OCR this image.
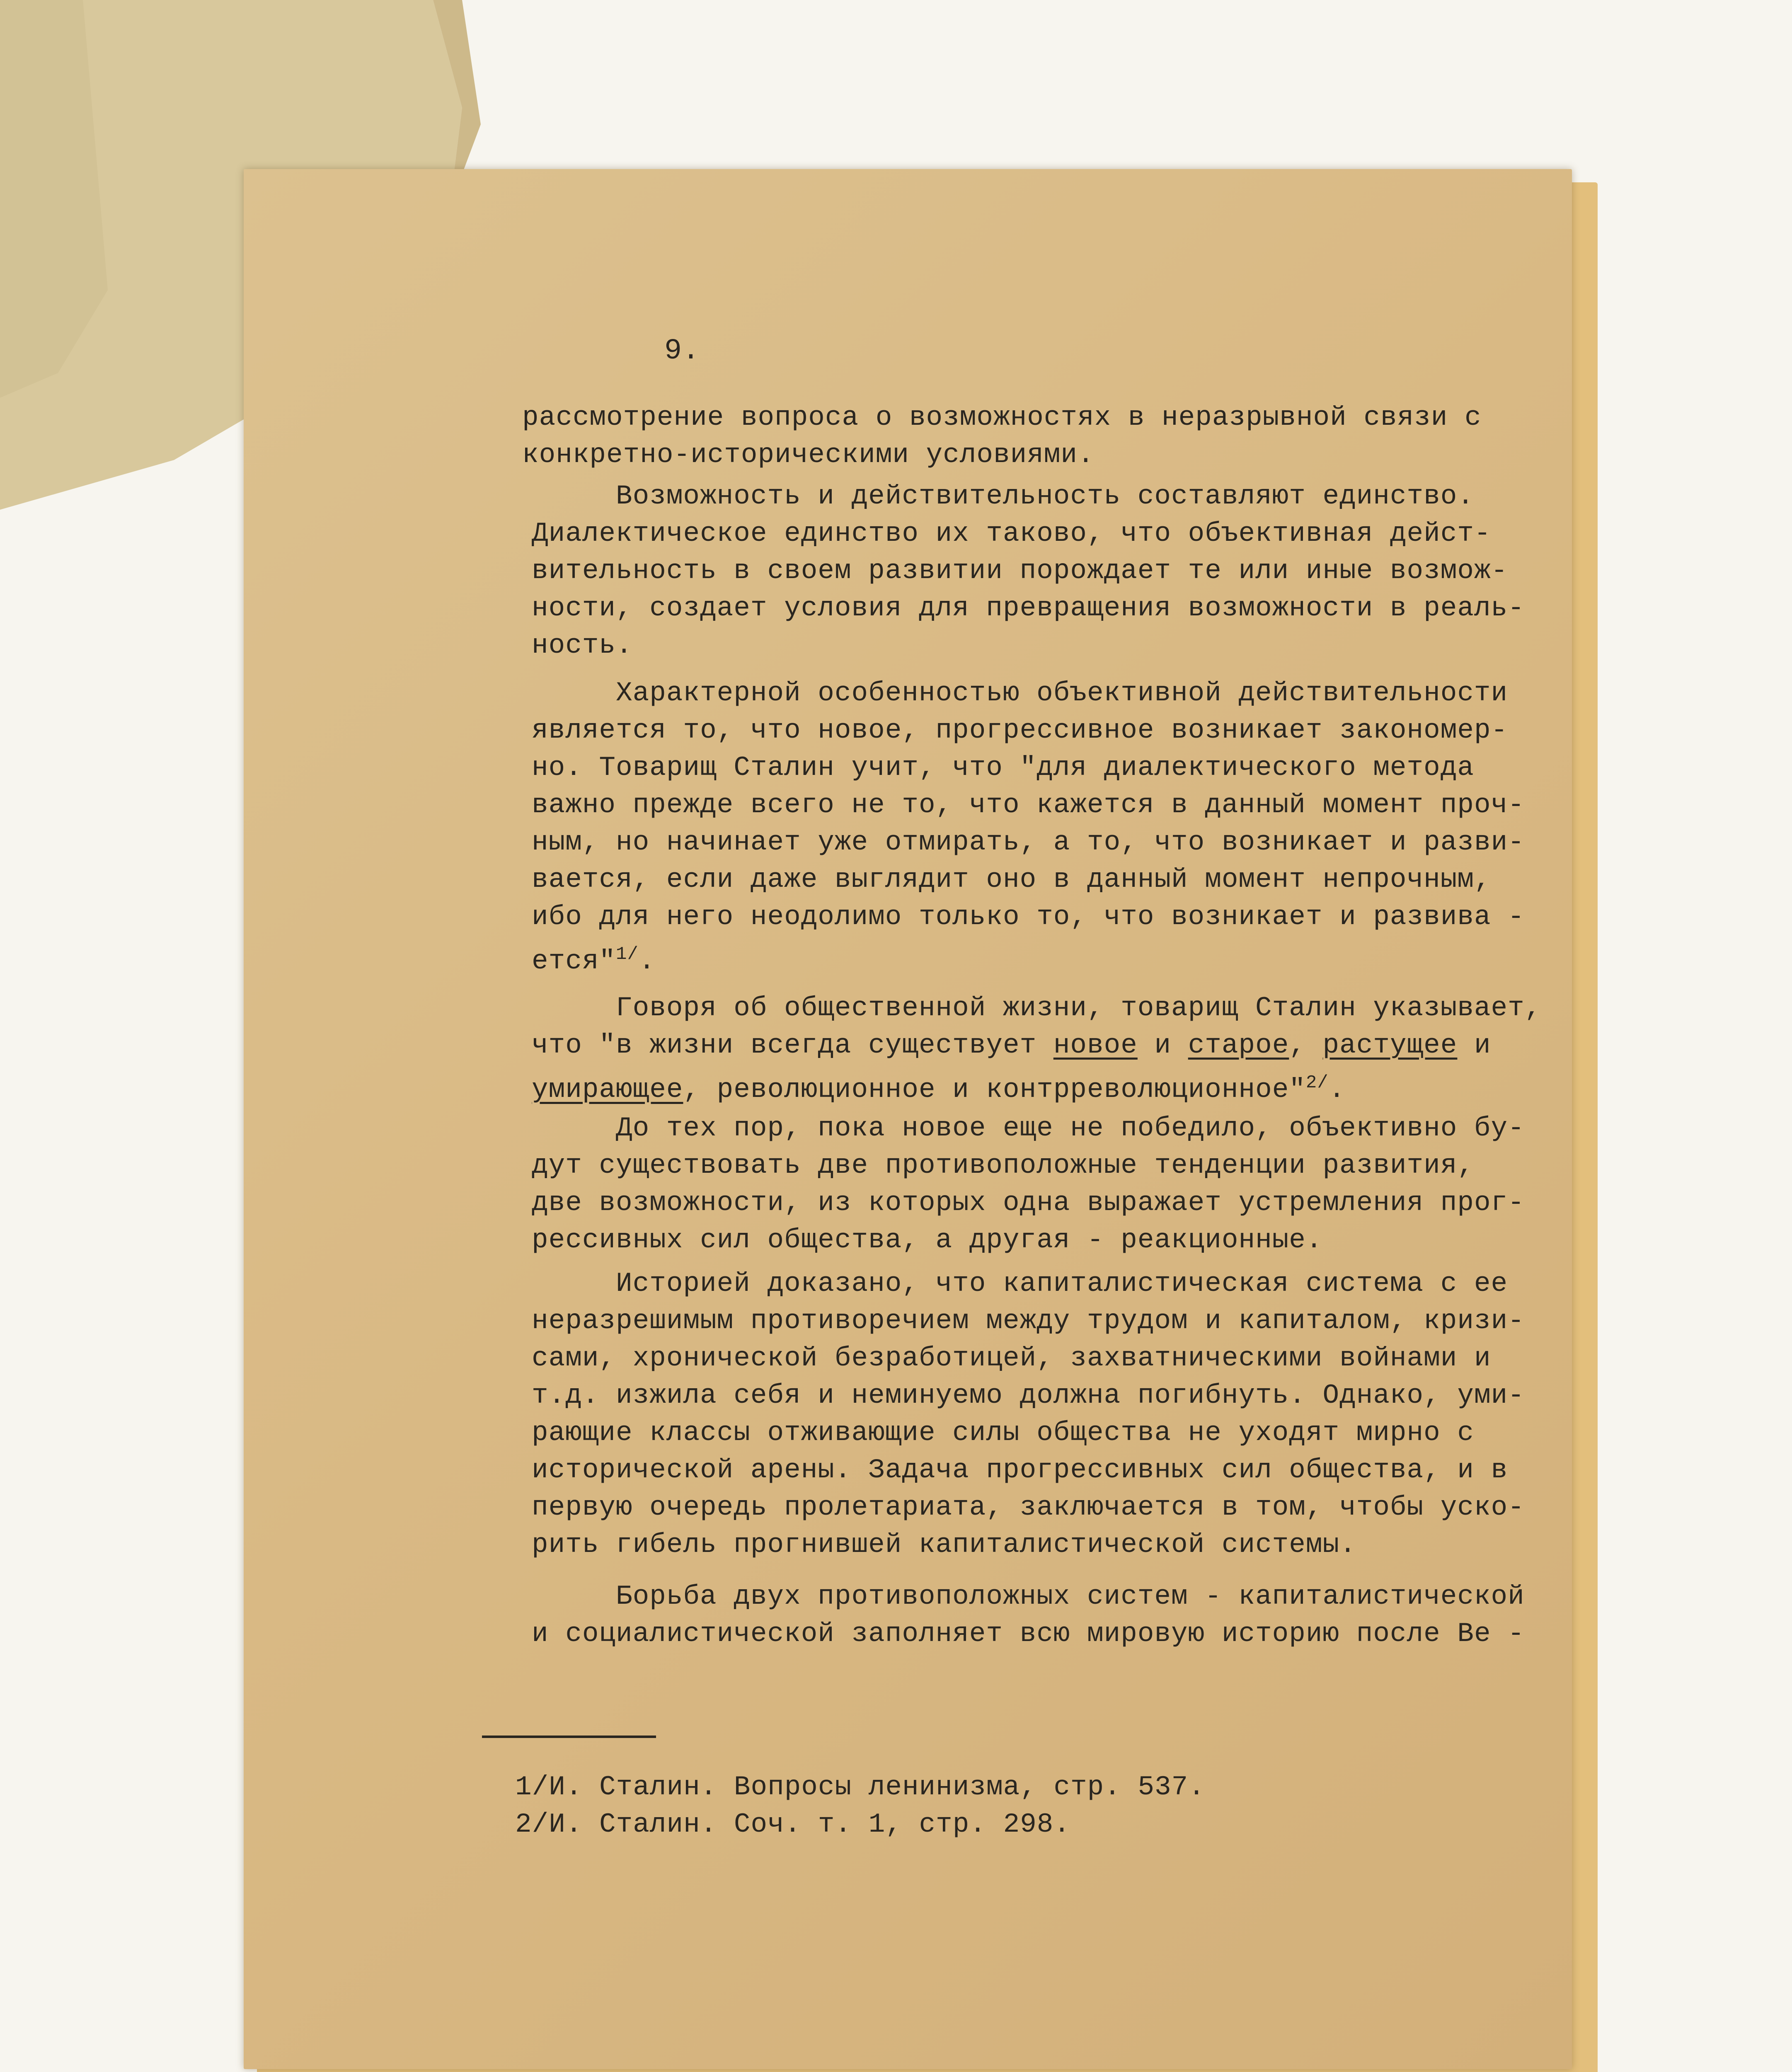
9.
рассмотрение вопроса о возможностях в неразрывной связи с
конкретно-историческими условиями.
Возможность и действительность составляют единство.
Диалектическое единство их таково, что объективная дейст-
вительность в своем развитии порождает те или иные возмож-
ности, создает условия для превращения возможности в реаль-
ность.
Характерной особенностью объективной действительности
является то, что новое, прогрессивное возникает закономер-
но. Товарищ Сталин учит, что "для диалектического метода
важно прежде всего не то, что кажется в данный момент проч-
ным, но начинает уже отмирать, а то, что возникает и разви-
вается, если даже выглядит оно в данный момент непрочным,
ибо для него неодолимо только то, что возникает и развива -
ется"$^{1/}$.
Говоря об общественной жизни, товарищ Сталин указывает,
что "в жизни всегда существует новое и старое, растущее и
умирающее, революционное и контрреволюционное"$^{2/}$.
До тех пор, пока новое еще не победило, объективно бу-
дут существовать две противоположные тенденции развития,
две возможности, из которых одна выражает устремления прог-
рессивных сил общества, а другая - реакционные.
Историей доказано, что капиталистическая система с ее
неразрешимым противоречием между трудом и капиталом, кризи-
сами, хронической безработицей, захватническими войнами и
т.д. изжила себя и неминуемо должна погибнуть. Однако, уми-
рающие классы отживающие силы общества не уходят мирно с
исторической арены. Задача прогрессивных сил общества, и в
первую очередь пролетариата, заключается в том, чтобы уско-
рить гибель прогнившей капиталистической системы.
Борьба двух противоположных систем - капиталистической
и социалистической заполняет всю мировую историю после Ве -
1/И. Сталин. Вопросы ленинизма, стр. 537.
2/И. Сталин. Соч. т. 1, стр. 298.
